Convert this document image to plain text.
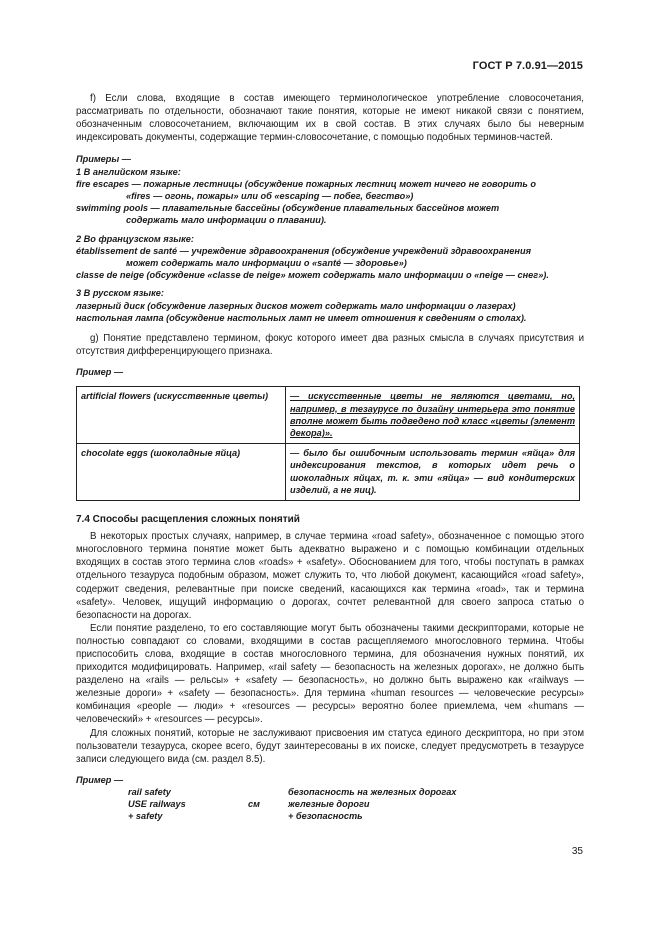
ГОСТ Р 7.0.91—2015

f) Если слова, входящие в состав имеющего терминологическое употребление словосочетания, рассматривать по отдельности, обозначают такие понятия, которые не имеют никакой связи с понятием, обозначенным словосочетанием, включающим их в свой состав. В этих случаях было бы неверным индексировать документы, содержащие термин-словосочетание, с помощью подобных терминов-частей.

Примеры —
1 В английском языке:
fire escapes — пожарные лестницы (обсуждение пожарных лестниц может ничего не говорить о
«fires — огонь, пожары» или об «escaping — побег, бегство»)
swimming pools — плавательные бассейны (обсуждение плавательных бассейнов может
содержать мало информации о плавании).
2 Во французском языке:
établissement de santé — учреждение здравоохранения (обсуждение учреждений здравоохранения
может содержать мало информации о «santé — здоровье»)
classe de neige (обсуждение «classe de neige» может содержать мало информации о «neige — снег»).
3 В русском языке:
лазерный диск (обсуждение лазерных дисков может содержать мало информации о лазерах)
настольная лампа (обсуждение настольных ламп не имеет отношения к сведениям о столах).

g) Понятие представлено термином, фокус которого имеет два разных смысла в случаях присутствия и отсутствия дифференцирующего признака.

Пример —
artificial flowers (искусственные цветы)	— искусственные цветы не являются цветами, но, например, в тезаурусе по дизайну интерьера это понятие вполне может быть подведено под класс «цветы (элемент декора)».
chocolate eggs (шоколадные яйца)	— было бы ошибочным использовать термин «яйца» для индексирования текстов, в которых идет речь о шоколадных яйцах, т. к. эти «яйца» — вид кондитерских изделий, а не яиц).
7.4 Способы расщепления сложных понятий

В некоторых простых случаях, например, в случае термина «road safety», обозначенное с помощью этого многословного термина понятие может быть адекватно выражено и с помощью комбинации отдельных входящих в состав этого термина слов «roads» + «safety». Обоснованием для того, чтобы поступать в рамках отдельного тезауруса подобным образом, может служить то, что любой документ, касающийся «road safety», содержит сведения, релевантные при поиске сведений, касающихся как термина «road», так и термина «safety». Человек, ищущий информацию о дорогах, сочтет релевантной для своего запроса статью о безопасности на дорогах.

Если понятие разделено, то его составляющие могут быть обозначены такими дескрипторами, которые не полностью совпадают со словами, входящими в состав расщепляемого многословного термина. Чтобы приспособить слова, входящие в состав многословного термина, для обозначения нужных понятий, их приходится модифицировать. Например, «rail safety — безопасность на железных дорогах», не должно быть разделено на «rails — рельсы» + «safety — безопасность», но должно быть выражено как «railways — железные дороги» + «safety — безопасность». Для термина «human resources — человеческие ресурсы» комбинация «people — люди» + «resources — ресурсы» вероятно более приемлема, чем «humans — человеческий» + «resources — ресурсы».

Для сложных понятий, которые не заслуживают присвоения им статуса единого дескриптора, но при этом пользователи тезауруса, скорее всего, будут заинтересованы в их поиске, следует предусмотреть в тезаурусе записи следующего вида (см. раздел 8.5).

Пример —
rail safety	безопасность на железных дорогах
USE railways	см	железные дороги
+ safety	+ безопасность
35
